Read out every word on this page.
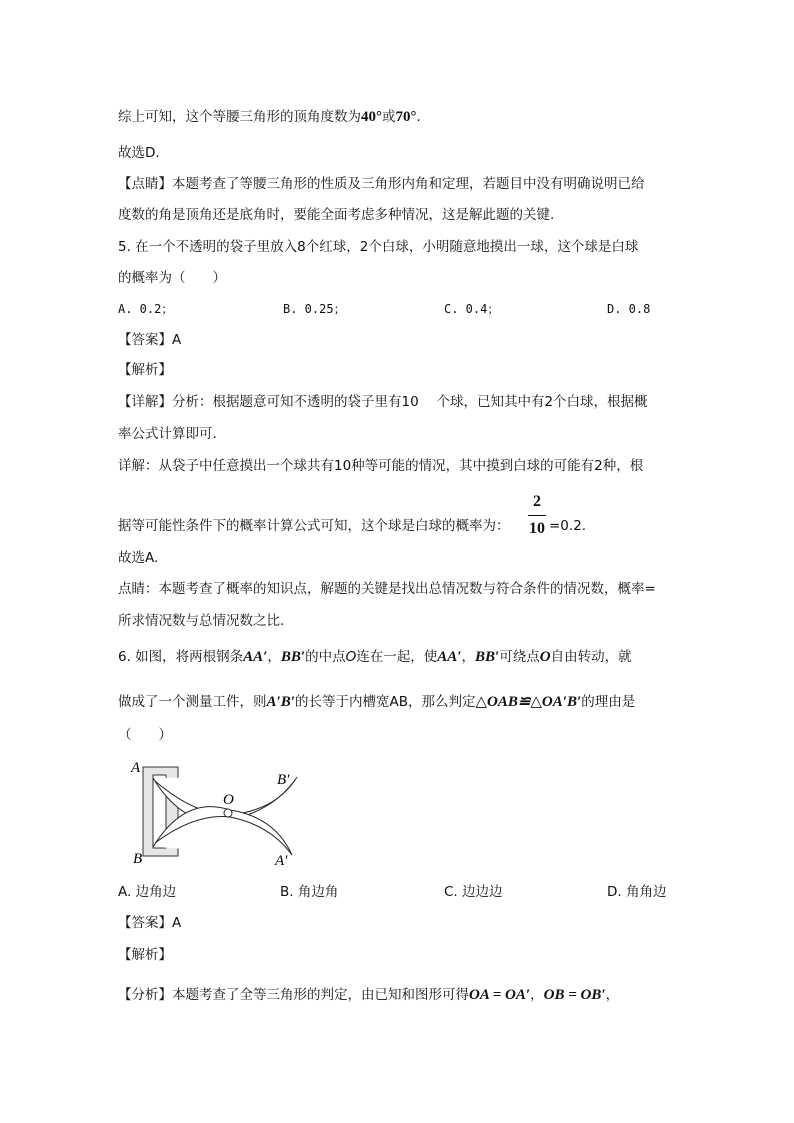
综上可知，这个等腰三角形的顶角度数为40°或70°.
故选D.
【点睛】本题考查了等腰三角形的性质及三角形内角和定理，若题目中没有明确说明已给
度数的角是顶角还是底角时，要能全面考虑多种情况，这是解此题的关键.
5. 在一个不透明的袋子里放入8个红球，2个白球，小明随意地摸出一球，这个球是白球
的概率为（　　）
A. 0.2；	B. 0.25；	C. 0.4；	D. 0.8
【答案】A
【解析】
【详解】分析：根据题意可知不透明的袋子里有10　 个球，已知其中有2个白球，根据概
率公式计算即可.
详解：从袋子中任意摸出一个球共有10种等可能的情况，其中摸到白球的可能有2种，根
据等可能性条件下的概率计算公式可知，这个球是白球的概率为：
2
10 =0.2.
故选A.
点睛：本题考查了概率的知识点，解题的关键是找出总情况数与符合条件的情况数，概率=
所求情况数与总情况数之比.
6. 如图，将两根钢条AA′，BB′的中点O连在一起，使AA′，BB′可绕点O自由转动，就
做成了一个测量工件，则A′B′的长等于内槽宽AB，那么判定△OAB≌△OA′B′的理由是
（　　）
A
B
O
B′
A′
A. 边角边	B. 角边角	C. 边边边	D. 角角边
【答案】A
【解析】
【分析】本题考查了全等三角形的判定，由已知和图形可得OA = OA′，OB = OB′，
